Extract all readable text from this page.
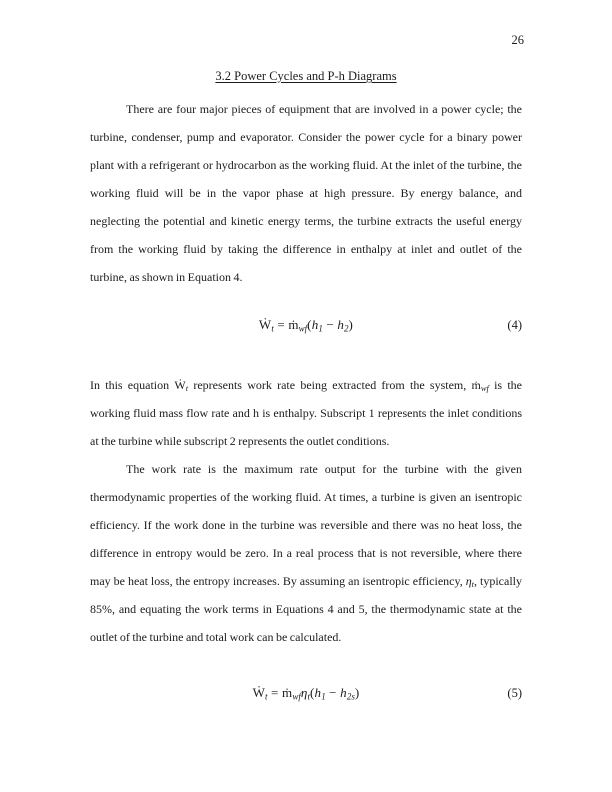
26
3.2 Power Cycles and P-h Diagrams

There are four major pieces of equipment that are involved in a power cycle; the turbine, condenser, pump and evaporator. Consider the power cycle for a binary power plant with a refrigerant or hydrocarbon as the working fluid. At the inlet of the turbine, the working fluid will be in the vapor phase at high pressure. By energy balance, and neglecting the potential and kinetic energy terms, the turbine extracts the useful energy from the working fluid by taking the difference in enthalpy at inlet and outlet of the turbine, as shown in Equation 4.

Ẇ$_t$ = $ṁ_{wf}(h_1 - h_2)$	(4)

In this equation Ẇ$_t$ represents work rate being extracted from the system, ṁ$_{wf}$ is the working fluid mass flow rate and h is enthalpy. Subscript 1 represents the inlet conditions at the turbine while subscript 2 represents the outlet conditions.

The work rate is the maximum rate output for the turbine with the given thermodynamic properties of the working fluid. At times, a turbine is given an isentropic efficiency. If the work done in the turbine was reversible and there was no heat loss, the difference in entropy would be zero. In a real process that is not reversible, where there may be heat loss, the entropy increases. By assuming an isentropic efficiency, $\eta_t$, typically 85%, and equating the work terms in Equations 4 and 5, the thermodynamic state at the outlet of the turbine and total work can be calculated.

Ẇ$_t$ = $ṁ_{wf}\eta_t(h_1 - h_{2s})$	(5)
